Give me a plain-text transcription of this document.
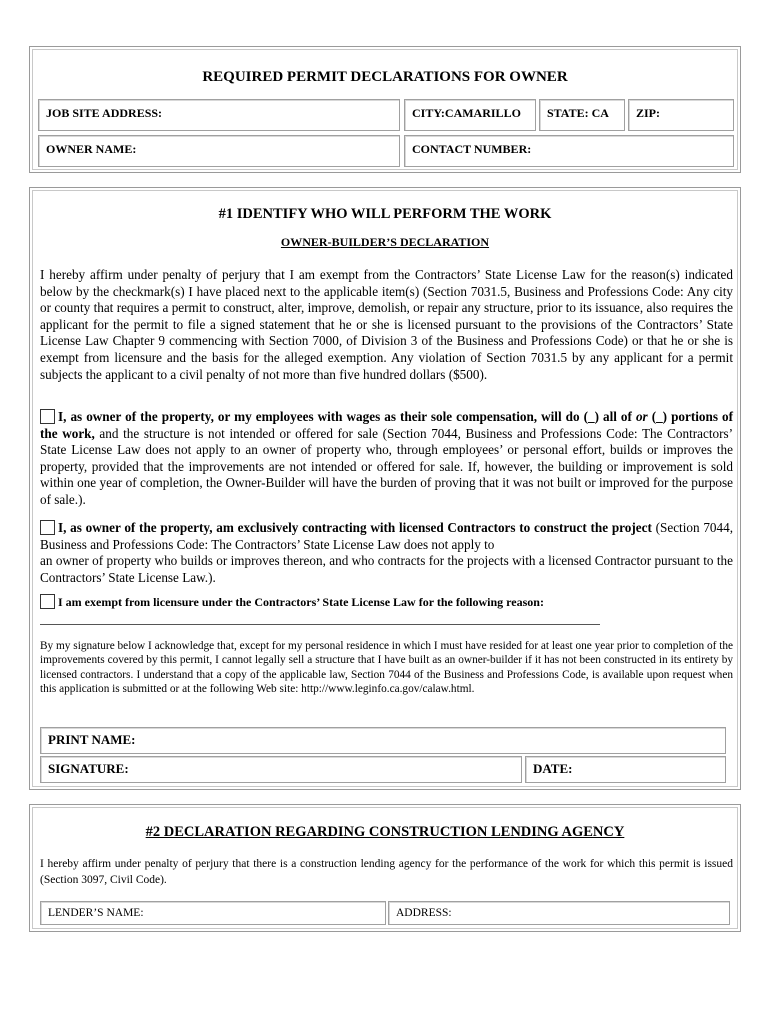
REQUIRED PERMIT DECLARATIONS FOR OWNER
JOB SITE ADDRESS:	CITY:CAMARILLO	STATE: CA	ZIP:
OWNER NAME:	CONTACT NUMBER:
#1 IDENTIFY WHO WILL PERFORM THE WORK
OWNER-BUILDER’S DECLARATION
I hereby affirm under penalty of perjury that I am exempt from the Contractors’ State License Law for the reason(s) indicated below by the checkmark(s) I have placed next to the applicable item(s) (Section 7031.5, Business and Professions Code: Any city or county that requires a permit to construct, alter, improve, demolish, or repair any structure, prior to its issuance, also requires the applicant for the permit to file a signed statement that he or she is licensed pursuant to the provisions of the Contractors’ State License Law Chapter 9 commencing with Section 7000, of Division 3 of the Business and Professions Code) or that he or she is exempt from licensure and the basis for the alleged exemption. Any violation of Section 7031.5 by any applicant for a permit subjects the applicant to a civil penalty of not more than five hundred dollars ($500).
I, as owner of the property, or my employees with wages as their sole compensation, will do (_) all of or (_) portions of the work, and the structure is not intended or offered for sale (Section 7044, Business and Professions Code: The Contractors’ State License Law does not apply to an owner of property who, through employees’ or personal effort, builds or improves the property, provided that the improvements are not intended or offered for sale. If, however, the building or improvement is sold within one year of completion, the Owner-Builder will have the burden of proving that it was not built or improved for the purpose of sale.).
I, as owner of the property, am exclusively contracting with licensed Contractors to construct the project (Section 7044, Business and Professions Code: The Contractors’ State License Law does not apply to
an owner of property who builds or improves thereon, and who contracts for the projects with a licensed Contractor pursuant to the Contractors’ State License Law.).
I am exempt from licensure under the Contractors’ State License Law for the following reason:
By my signature below I acknowledge that, except for my personal residence in which I must have resided for at least one year prior to completion of the improvements covered by this permit, I cannot legally sell a structure that I have built as an owner-builder if it has not been constructed in its entirety by licensed contractors. I understand that a copy of the applicable law, Section 7044 of the Business and Professions Code, is available upon request when this application is submitted or at the following Web site: http://www.leginfo.ca.gov/calaw.html.
PRINT NAME:
SIGNATURE:	DATE:
#2 DECLARATION REGARDING CONSTRUCTION LENDING AGENCY
I hereby affirm under penalty of perjury that there is a construction lending agency for the performance of the work for which this permit is issued (Section 3097, Civil Code).
LENDER’S NAME:	ADDRESS:
